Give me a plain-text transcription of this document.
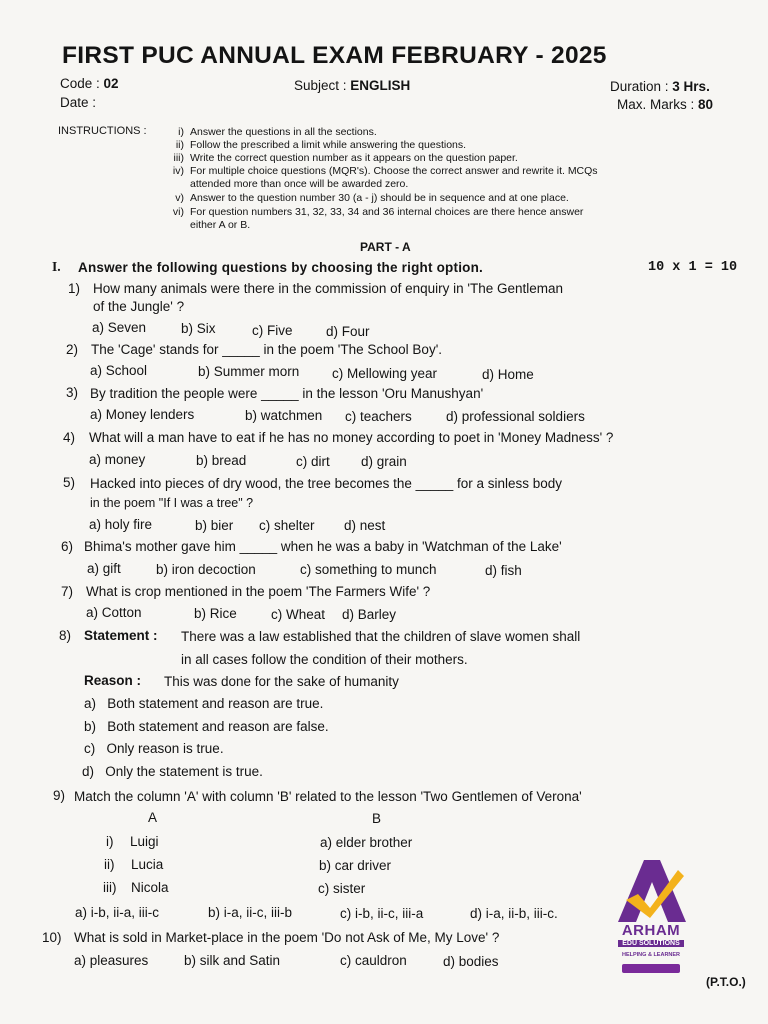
FIRST PUC ANNUAL EXAM FEBRUARY - 2025
Code : 02	Subject : ENGLISH	Duration : 3 Hrs.
Date :	Max. Marks : 80
INSTRUCTIONS :	i) Answer the questions in all the sections.
ii) Follow the prescribed a limit while answering the questions.
iii) Write the correct question number as it appears on the question paper.
iv) For multiple choice questions (MQR's). Choose the correct answer and rewrite it. MCQs
attended more than once will be awarded zero.
v) Answer to the question number 30 (a - j) should be in sequence and at one place.
vi) For question numbers 31, 32, 33, 34 and 36 internal choices are there hence answer
either A or B.
PART - A
I. Answer the following questions by choosing the right option.	10 x 1 = 10
1) How many animals were there in the commission of enquiry in 'The Gentleman
of the Jungle' ?
a) Seven	b) Six	c) Five d) Four
2) The 'Cage' stands for _____ in the poem 'The School Boy'.
a) School	b) Summer morn c) Mellowing year	d) Home
3) By tradition the people were _____ in the lesson 'Oru Manushyan'
a) Money lenders	b) watchmen c) teachers	d) professional soldiers
4) What will a man have to eat if he has no money according to poet in 'Money Madness' ?
a) money	b) bread	c) dirt d) grain
5) Hacked into pieces of dry wood, the tree becomes the _____ for a sinless body
in the poem "If I was a tree" ?
a) holy fire	b) bier c) shelter d) nest
6) Bhima's mother gave him _____ when he was a baby in 'Watchman of the Lake'
a) gift	b) iron decoction	c) something to munch	d) fish
7) What is crop mentioned in the poem 'The Farmers Wife' ?
a) Cotton	b) Rice	c) Wheat d) Barley
8) Statement : There was a law established that the children of slave women shall
in all cases follow the condition of their mothers.
Reason : This was done for the sake of humanity
a) Both statement and reason are true.
b) Both statement and reason are false.
c) Only reason is true.
d) Only the statement is true.
9) Match the column 'A' with column 'B' related to the lesson 'Two Gentlemen of Verona'
A	B
i) Luigi	a) elder brother
ii) Lucia	b) car driver
iii) Nicola	c) sister
a) i-b, ii-a, iii-c	b) i-a, ii-c, iii-b	c) i-b, ii-c, iii-a	d) i-a, ii-b, iii-c.
10) What is sold in Market-place in the poem 'Do not Ask of Me, My Love' ?
a) pleasures	b) silk and Satin	c) cauldron	d) bodies
ARHAM
EDU SOLUTIONS
HELPING & LEARNER
(P.T.O.)
